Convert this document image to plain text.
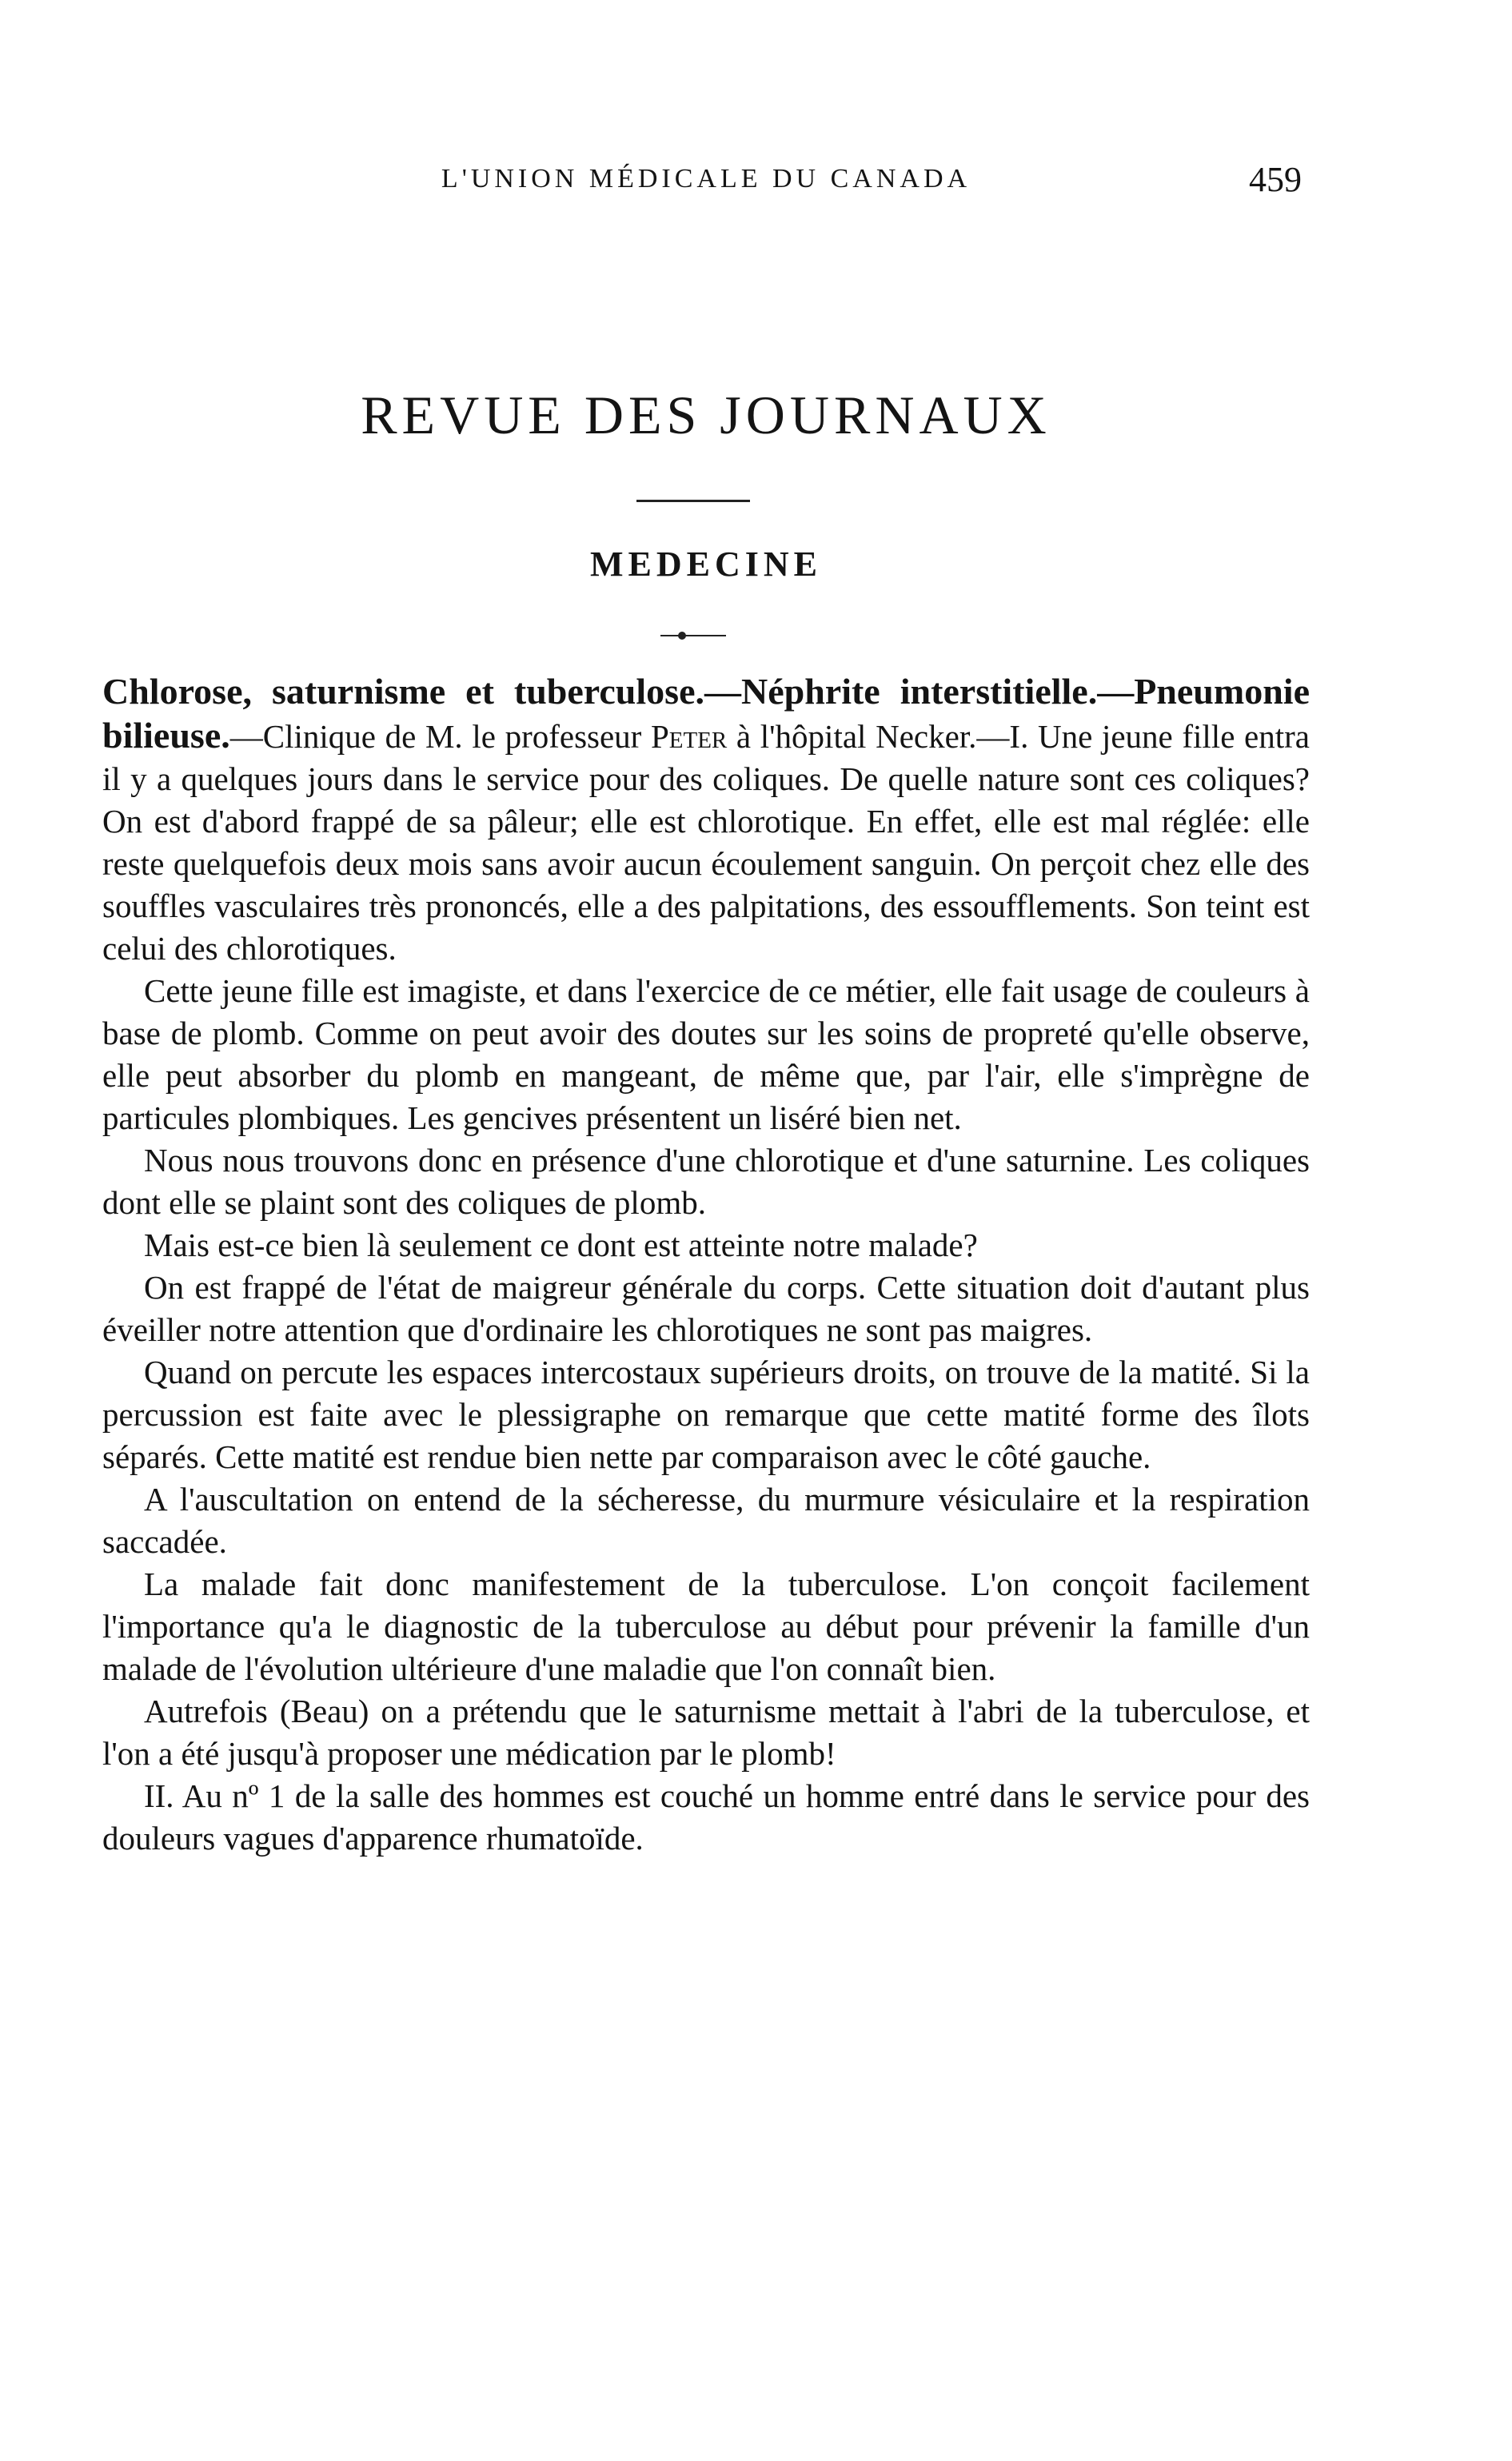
L'UNION MÉDICALE DU CANADA	459
REVUE DES JOURNAUX
MEDECINE

Chlorose, saturnisme et tuberculose.—Néphrite interstitielle.—Pneumonie bilieuse.—Clinique de M. le professeur Peter à l'hôpital Necker.—I. Une jeune fille entra il y a quelques jours dans le service pour des coliques. De quelle nature sont ces coliques? On est d'abord frappé de sa pâleur; elle est chlorotique. En effet, elle est mal réglée: elle reste quelquefois deux mois sans avoir aucun écoulement sanguin. On perçoit chez elle des souffles vasculaires très prononcés, elle a des palpitations, des essoufflements. Son teint est celui des chlorotiques.

Cette jeune fille est imagiste, et dans l'exercice de ce métier, elle fait usage de couleurs à base de plomb. Comme on peut avoir des doutes sur les soins de propreté qu'elle observe, elle peut absorber du plomb en mangeant, de même que, par l'air, elle s'imprègne de particules plombiques. Les gencives présentent un liséré bien net.

Nous nous trouvons donc en présence d'une chlorotique et d'une saturnine. Les coliques dont elle se plaint sont des coliques de plomb.

Mais est-ce bien là seulement ce dont est atteinte notre malade?

On est frappé de l'état de maigreur générale du corps. Cette situation doit d'autant plus éveiller notre attention que d'ordinaire les chlorotiques ne sont pas maigres.

Quand on percute les espaces intercostaux supérieurs droits, on trouve de la matité. Si la percussion est faite avec le plessigraphe on remarque que cette matité forme des îlots séparés. Cette matité est rendue bien nette par comparaison avec le côté gauche.

A l'auscultation on entend de la sécheresse, du murmure vésiculaire et la respiration saccadée.

La malade fait donc manifestement de la tuberculose. L'on conçoit facilement l'importance qu'a le diagnostic de la tuberculose au début pour prévenir la famille d'un malade de l'évolution ultérieure d'une maladie que l'on connaît bien.

Autrefois (Beau) on a prétendu que le saturnisme mettait à l'abri de la tuberculose, et l'on a été jusqu'à proposer une médication par le plomb!

II. Au nº 1 de la salle des hommes est couché un homme entré dans le service pour des douleurs vagues d'apparence rhumatoïde.
